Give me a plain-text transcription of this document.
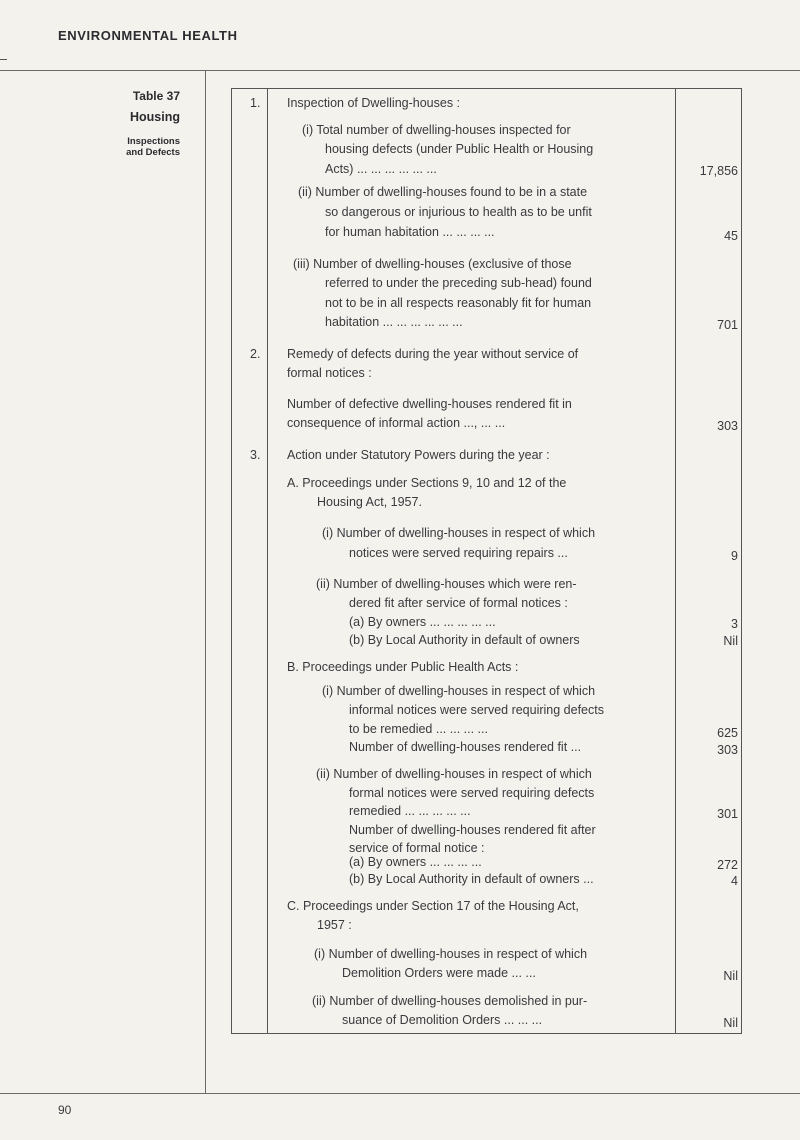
ENVIRONMENTAL HEALTH
Table 37
Housing
Inspections
and Defects
1. Inspection of Dwelling-houses :
(i) Total number of dwelling-houses inspected for
housing defects (under Public Health or Housing
Acts) ... ... ... ... ... ...	17,856
(ii) Number of dwelling-houses found to be in a state
so dangerous or injurious to health as to be unfit
for human habitation ... ... ... ...	45
(iii) Number of dwelling-houses (exclusive of those
referred to under the preceding sub-head) found
not to be in all respects reasonably fit for human
habitation ... ... ... ... ... ...	701
2. Remedy of defects during the year without service of
formal notices :
Number of defective dwelling-houses rendered fit in
consequence of informal action ..., ... ...	303
3. Action under Statutory Powers during the year :
A. Proceedings under Sections 9, 10 and 12 of the
Housing Act, 1957.
(i) Number of dwelling-houses in respect of which
notices were served requiring repairs ...	9
(ii) Number of dwelling-houses which were ren-
dered fit after service of formal notices :
(a) By owners ... ... ... ... ...	3
(b) By Local Authority in default of owners	Nil
B. Proceedings under Public Health Acts :
(i) Number of dwelling-houses in respect of which
informal notices were served requiring defects
to be remedied ... ... ... ...	625
Number of dwelling-houses rendered fit ...	303
(ii) Number of dwelling-houses in respect of which
formal notices were served requiring defects
remedied ... ... ... ... ...	301
Number of dwelling-houses rendered fit after
service of formal notice :
(a) By owners ... ... ... ...	272
(b) By Local Authority in default of owners ...	4
C. Proceedings under Section 17 of the Housing Act,
1957 :
(i) Number of dwelling-houses in respect of which
Demolition Orders were made ... ...	Nil
(ii) Number of dwelling-houses demolished in pur-
suance of Demolition Orders ... ... ...	Nil
90
